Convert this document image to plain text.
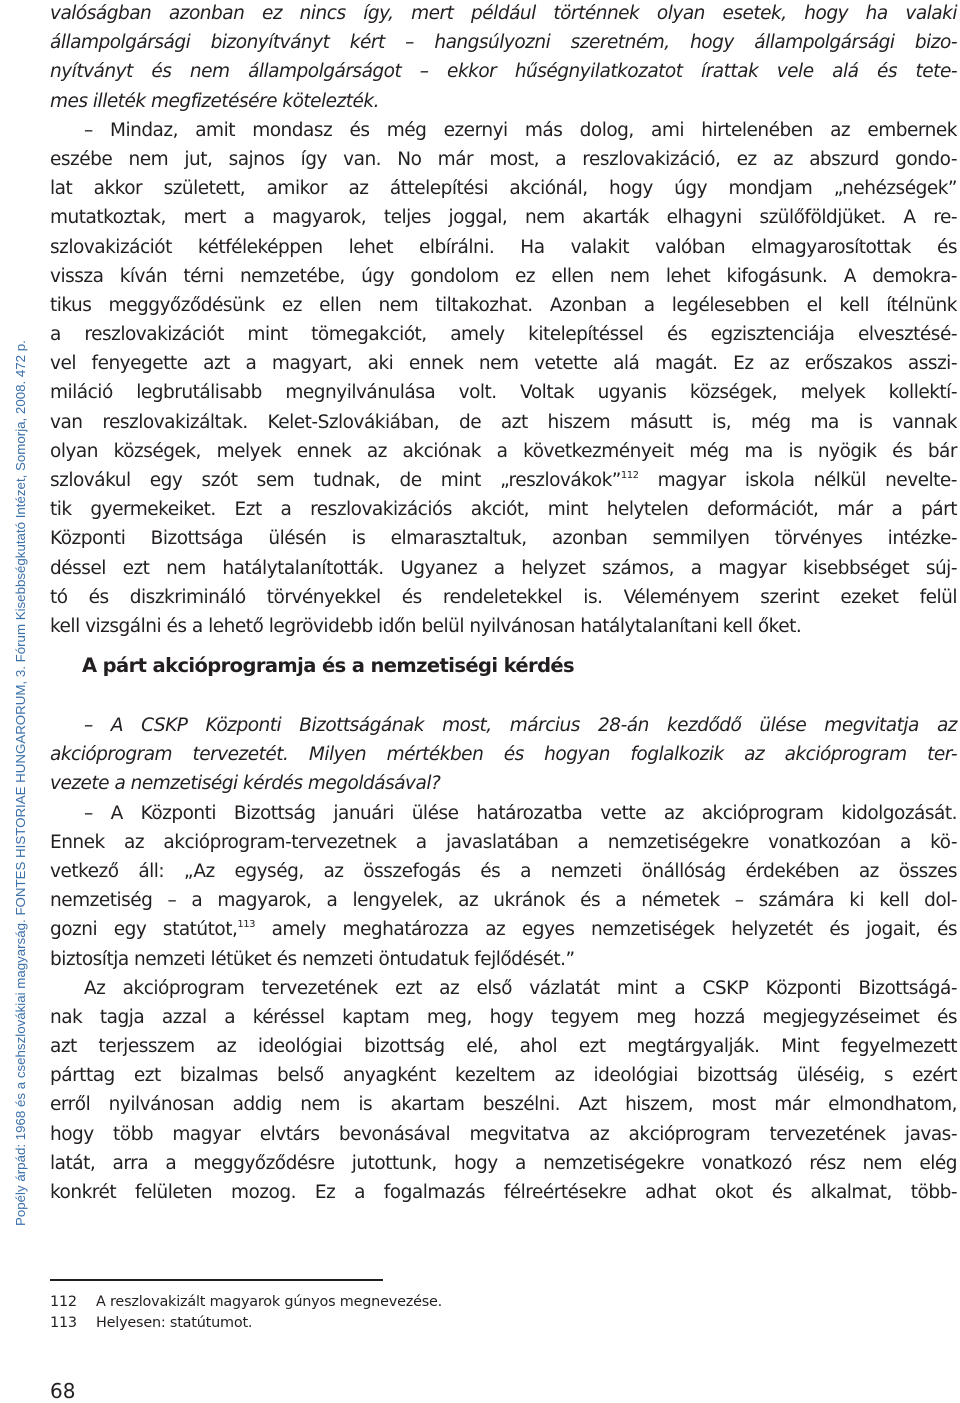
Popély árpád: 1968 és a csehszlovákiai magyarság. FONTES HISTORIAE HUNGARORUM, 3. Fórum Kisebbségkutató Intézet, Somorja, 2008. 472 p.
valóságban azonban ez nincs így, mert például történnek olyan esetek, hogy ha valaki
állampolgársági bizonyítványt kért – hangsúlyozni szeretném, hogy állampolgársági bizo-
nyítványt és nem állampolgárságot – ekkor hűségnyilatkozatot írattak vele alá és tete-
mes illeték megfizetésére kötelezték.
– Mindaz, amit mondasz és még ezernyi más dolog, ami hirtelenében az embernek
eszébe nem jut, sajnos így van. No már most, a reszlovakizáció, ez az abszurd gondo-
lat akkor született, amikor az áttelepítési akciónál, hogy úgy mondjam „nehézségek”
mutatkoztak, mert a magyarok, teljes joggal, nem akarták elhagyni szülőföldjüket. A re-
szlovakizációt kétféleképpen lehet elbírálni. Ha valakit valóban elmagyarosítottak és
vissza kíván térni nemzetébe, úgy gondolom ez ellen nem lehet kifogásunk. A demokra-
tikus meggyőződésünk ez ellen nem tiltakozhat. Azonban a legélesebben el kell ítélnünk
a reszlovakizációt mint tömegakciót, amely kitelepítéssel és egzisztenciája elvesztésé-
vel fenyegette azt a magyart, aki ennek nem vetette alá magát. Ez az erőszakos asszi-
miláció legbrutálisabb megnyilvánulása volt. Voltak ugyanis községek, melyek kollektí-
van reszlovakizáltak. Kelet-Szlovákiában, de azt hiszem másutt is, még ma is vannak
olyan községek, melyek ennek az akciónak a következményeit még ma is nyögik és bár
szlovákul egy szót sem tudnak, de mint „reszlovákok”$^{112}$ magyar iskola nélkül nevelte-
tik gyermekeiket. Ezt a reszlovakizációs akciót, mint helytelen deformációt, már a párt
Központi Bizottsága ülésén is elmarasztaltuk, azonban semmilyen törvényes intézke-
déssel ezt nem hatálytalanították. Ugyanez a helyzet számos, a magyar kisebbséget súj-
tó és diszkrimináló törvényekkel és rendeletekkel is. Véleményem szerint ezeket felül
kell vizsgálni és a lehető legrövidebb időn belül nyilvánosan hatálytalanítani kell őket.
A párt akcióprogramja és a nemzetiségi kérdés
– A CSKP Központi Bizottságának most, március 28-án kezdődő ülése megvitatja az
akcióprogram tervezetét. Milyen mértékben és hogyan foglalkozik az akcióprogram ter-
vezete a nemzetiségi kérdés megoldásával?
– A Központi Bizottság januári ülése határozatba vette az akcióprogram kidolgozását.
Ennek az akcióprogram-tervezetnek a javaslatában a nemzetiségekre vonatkozóan a kö-
vetkező áll: „Az egység, az összefogás és a nemzeti önállóság érdekében az összes
nemzetiség – a magyarok, a lengyelek, az ukránok és a németek – számára ki kell dol-
gozni egy statútot,$^{113}$ amely meghatározza az egyes nemzetiségek helyzetét és jogait, és
biztosítja nemzeti létüket és nemzeti öntudatuk fejlődését.”
Az akcióprogram tervezetének ezt az első vázlatát mint a CSKP Központi Bizottságá-
nak tagja azzal a kéréssel kaptam meg, hogy tegyem meg hozzá megjegyzéseimet és
azt terjesszem az ideológiai bizottság elé, ahol ezt megtárgyalják. Mint fegyelmezett
párttag ezt bizalmas belső anyagként kezeltem az ideológiai bizottság üléséig, s ezért
erről nyilvánosan addig nem is akartam beszélni. Azt hiszem, most már elmondhatom,
hogy több magyar elvtárs bevonásával megvitatva az akcióprogram tervezetének javas-
latát, arra a meggyőződésre jutottunk, hogy a nemzetiségekre vonatkozó rész nem elég
konkrét felületen mozog. Ez a fogalmazás félreértésekre adhat okot és alkalmat, több-
112 A reszlovakizált magyarok gúnyos megnevezése.
113 Helyesen: statútumot.
68
